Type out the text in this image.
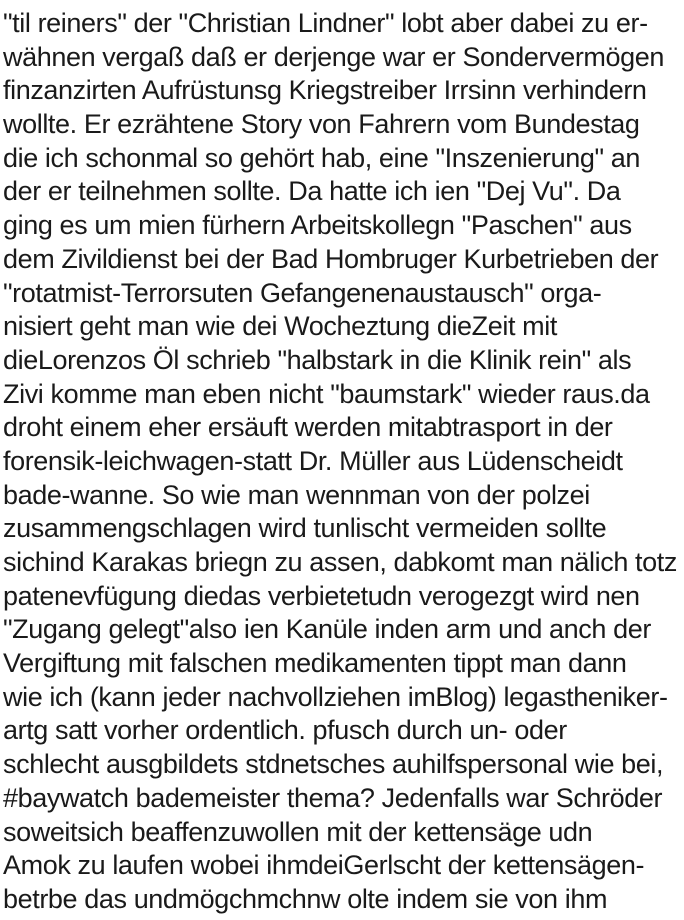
"til reiners" der "Christian Lindner" lobt aber dabei zu er-
wähnen vergaß daß er derjenge war er Sondervermögen
finzanzirten Aufrüstunsg Kriegstreiber Irrsinn verhindern
wollte. Er ezrähtene Story von Fahrern vom Bundestag
die ich schonmal so gehört hab, eine "Inszenierung" an
der er teilnehmen sollte. Da hatte ich ien "Dej Vu". Da
ging es um mien fürhern Arbeitskollegn "Paschen" aus
dem Zivildienst bei der Bad Hombruger Kurbetrieben der
"rotatmist-Terrorsuten Gefangenenaustausch" orga-
nisiert geht man wie dei Wocheztung dieZeit mit
dieLorenzos Öl schrieb "halbstark in die Klinik rein" als
Zivi komme man eben nicht "baumstark" wieder raus.da
droht einem eher ersäuft werden mitabtrasport in der
forensik-leichwagen-statt Dr. Müller aus Lüdenscheidt
bade-wanne. So wie man wennman von der polzei
zusammengschlagen wird tunlischt vermeiden sollte
sichind Karakas briegn zu assen, dabkomt man nälich totz
patenevfügung diedas verbietetudn verogezgt wird nen
"Zugang gelegt"also ien Kanüle inden arm und anch der
Vergiftung mit falschen medikamenten tippt man dann
wie ich (kann jeder nachvollziehen imBlog) legastheniker-
artg satt vorher ordentlich. pfusch durch un- oder
schlecht ausgbildets stdnetsches auhilfspersonal wie bei,
#baywatch bademeister thema? Jedenfalls war Schröder
soweitsich beaffenzuwollen mit der kettensäge udn
Amok zu laufen wobei ihmdeiGerlscht der kettensägen-
betrbe das undmögchmchnw olte indem sie von ihm
